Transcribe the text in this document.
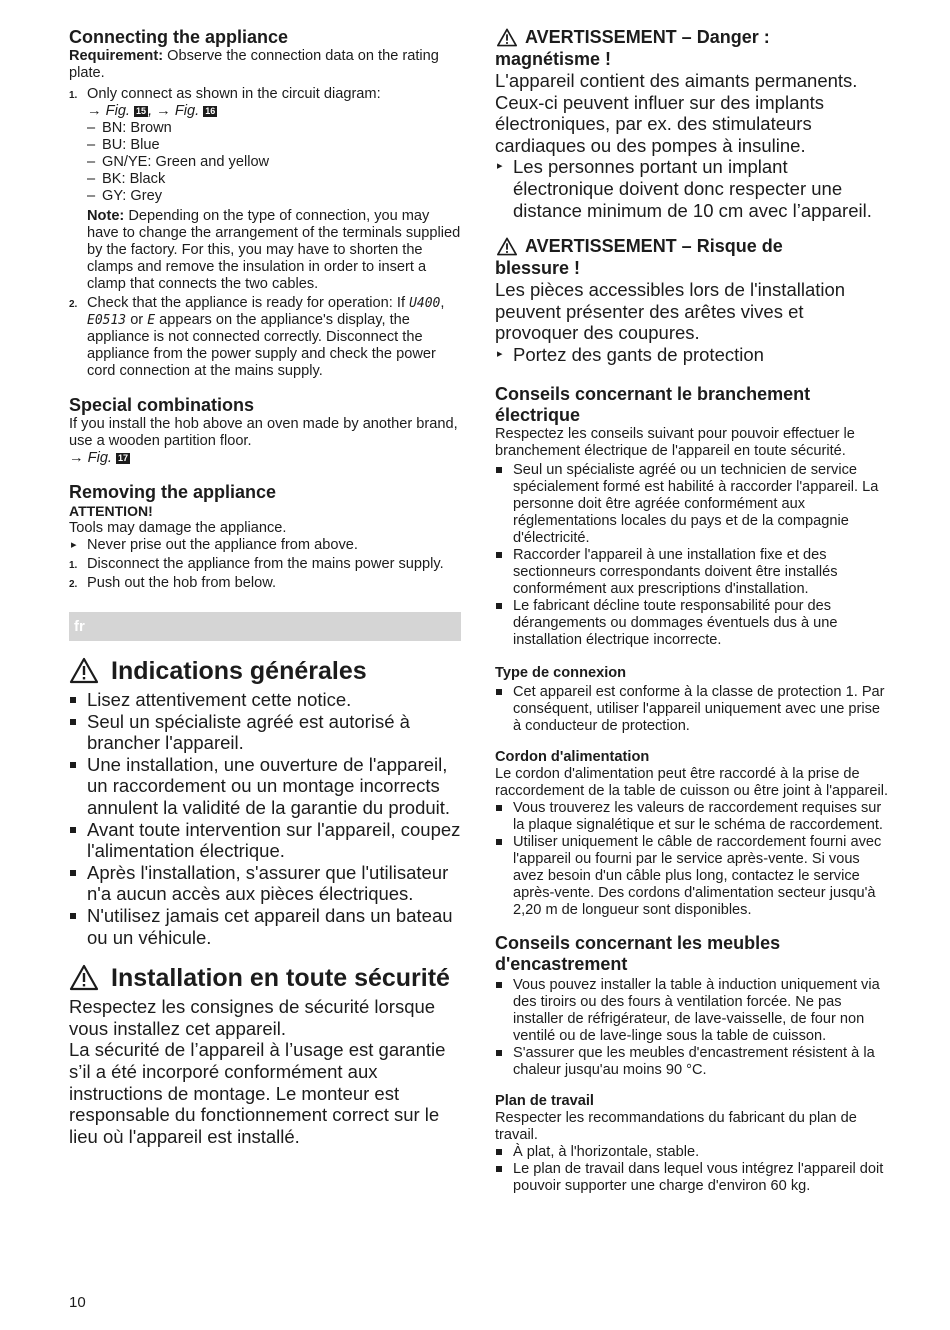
Connecting the appliance

Requirement: Observe the connection data on the rating plate.

1. Only connect as shown in the circuit diagram:
→ Fig. 15 , → Fig. 16
– BN: Brown
– BU: Blue
– GN/YE: Green and yellow
– BK: Black
– GY: Grey

Note: Depending on the type of connection, you may have to change the arrangement of the terminals supplied by the factory. For this, you may have to shorten the clamps and remove the insulation in order to insert a clamp that connects the two cables.

2. Check that the appliance is ready for operation: If U400, E0513 or E appears on the appliance's display, the appliance is not connected correctly. Disconnect the appliance from the power supply and check the power cord connection at the mains supply.
Special combinations

If you install the hob above an oven made by another brand, use a wooden partition floor.

→ Fig. 17

Removing the appliance

ATTENTION!

Tools may damage the appliance.

▸ Never prise out the appliance from above.

1. Disconnect the appliance from the mains power supply.
2. Push out the hob from below.
fr
Indications générales
Lisez attentivement cette notice.
Seul un spécialiste agréé est autorisé à brancher l'appareil.
Une installation, une ouverture de l'appareil, un raccordement ou un montage incorrects annulent la validité de la garantie du produit.
Avant toute intervention sur l'appareil, coupez l'alimentation électrique.
Après l'installation, s'assurer que l'utilisateur n'a aucun accès aux pièces électriques.
N'utilisez jamais cet appareil dans un bateau ou un véhicule.
Installation en toute sécurité

Respectez les consignes de sécurité lorsque vous installez cet appareil.

La sécurité de l’appareil à l’usage est garantie s’il a été incorporé conformément aux instructions de montage. Le monteur est responsable du fonctionnement correct sur le lieu où l'appareil est installé.

10
AVERTISSEMENT – Danger :
magnétisme !

L'appareil contient des aimants permanents. Ceux-ci peuvent influer sur des implants électroniques, par ex. des stimulateurs cardiaques ou des pompes à insuline.

▸ Les personnes portant un implant électronique doivent donc respecter une distance minimum de 10 cm avec l’appareil.

AVERTISSEMENT – Risque de
blessure !

Les pièces accessibles lors de l'installation peuvent présenter des arêtes vives et provoquer des coupures.

▸ Portez des gants de protection

Conseils concernant le branchement électrique

Respectez les conseils suivant pour pouvoir effectuer le branchement électrique de l'appareil en toute sécurité.

Seul un spécialiste agréé ou un technicien de service spécialement formé est habilité à raccorder l'appareil. La personne doit être agréée conformément aux réglementations locales du pays et de la compagnie d'électricité.
Raccorder l'appareil à une installation fixe et des sectionneurs correspondants doivent être installés conformément aux prescriptions d'installation.
Le fabricant décline toute responsabilité pour des dérangements ou dommages éventuels dus à une installation électrique incorrecte.
Type de connexion
Cet appareil est conforme à la classe de protection 1. Par conséquent, utiliser l'appareil uniquement avec une prise à conducteur de protection.
Cordon d'alimentation

Le cordon d'alimentation peut être raccordé à la prise de raccordement de la table de cuisson ou être joint à l'appareil.

Vous trouverez les valeurs de raccordement requises sur la plaque signalétique et sur le schéma de raccordement.
Utiliser uniquement le câble de raccordement fourni avec l'appareil ou fourni par le service après-vente. Si vous avez besoin d'un câble plus long, contactez le service après-vente. Des cordons d'alimentation secteur jusqu'à 2,20 m de longueur sont disponibles.
Conseils concernant les meubles d'encastrement
Vous pouvez installer la table à induction uniquement via des tiroirs ou des fours à ventilation forcée. Ne pas installer de réfrigérateur, de lave-vaisselle, de four non ventilé ou de lave-linge sous la table de cuisson.
S'assurer que les meubles d'encastrement résistent à la chaleur jusqu'au moins 90 °C.
Plan de travail

Respecter les recommandations du fabricant du plan de travail.

À plat, à l'horizontale, stable.
Le plan de travail dans lequel vous intégrez l'appareil doit pouvoir supporter une charge d'environ 60 kg.
